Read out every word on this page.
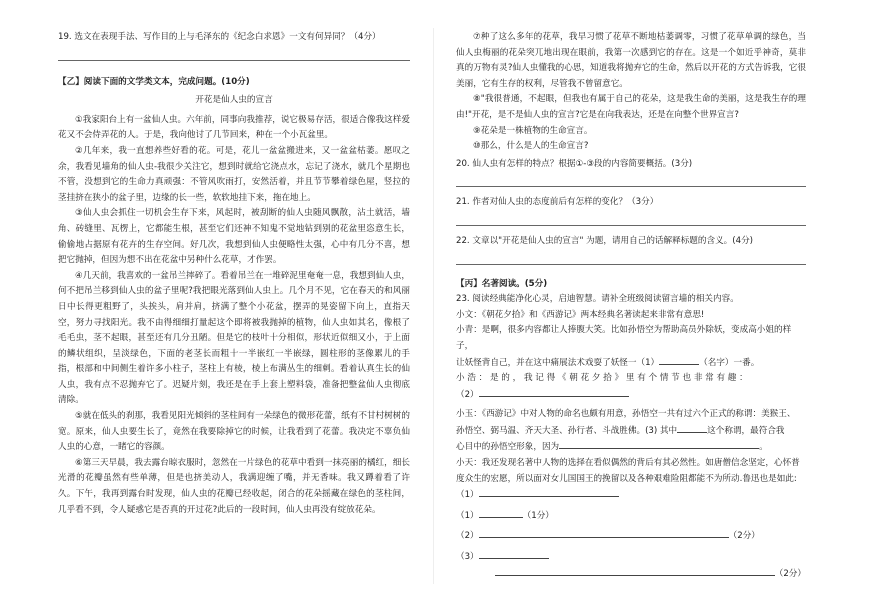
19. 选文在表现手法、写作目的上与毛泽东的《纪念白求恩》一文有何异同？（4分）

【乙】阅读下面的文学类文本，完成问题。(10分)

开花是仙人虫的宣言

①我家阳台上有一盆仙人虫。六年前，同事向我推荐，说它极易存活，很适合像我这样爱花又不会侍弄花的人。于是，我向他讨了几节回来，种在一个小瓦盆里。

②几年来，我一直想养些好看的花。可是，花儿一盆盆搬进来，又一盆盆枯萎。愿叹之余，我看见墙角的仙人虫-我很少关注它，想到时就给它浇点水，忘记了浇水，就几个星期也不管，没想到它的生命力真顽强：不管风吹雨打，安然活着，并且节节攀着绿色屋，竖拉的茎挂挤在狭小的盆子里，边缘的长一些，软软地挂下来，拖在地上。

③仙人虫会抓住一切机会生存下来，风起时，被刮断的仙人虫随风飘散，沾土就活，墙角、砖缝里、瓦楞上，它都能生根，甚至它们还神不知鬼不觉地钻到别的花盆里恣意生长，偷偷地占据原有花卉的生存空间。好几次，我想到仙人虫便略性太强，心中有几分不喜，想把它抛掉，但因为想不出在花盆中另种什么花草，才作罢。

④几天前，我喜欢的一盆吊兰摔碎了。看着吊兰在一堆碎泥里奄奄一息，我想到仙人虫，何不把吊兰移到仙人虫的盆子里呢?我把眼光落到仙人虫上。几个月不见，它在春天的和风丽日中长得更粗野了，头挨头，肩并肩，挤满了整个小花盆，摆弄的晃姿留下向上，直指天空，努力寻找阳光。我不由得细细打量起这个即将被我抛掉的植物，仙人虫如其名，像根了毛毛虫，茎不起眼，甚至还有几分丑陋。但是它的枝叶十分相似，形状近似细又小，于上面的鳞状组织，呈淡绿色，下面的老茎长而粗十一半嵌红一半嵌绿，圆柱形的茎像累儿的手指，根部和中间侧生着许多小柱子，茎柱上有棱，棱上布满丛生的细刺。看着认真生长的仙人虫，我有点不忍抛弃它了。迟疑片刻，我还是在手上套上塑料袋，准备把整盆仙人虫彻底清除。

⑤就在低头的刹那，我看见阳光倾斜的茎柱间有一朵绿色的微形花蕾，纸有不甘村树树的宽。原来，仙人虫要生长了，竟然在我要除掉它的时候，让我看到了花蕾。我决定不辜负仙人虫的心意，一睹它的容颜。

⑥第三天早晨，我去露台晾衣服时，忽然在一片绿色的花草中看到一抹亮丽的橘红，细长光滑的花瓣虽然有些单薄，但是也挤美动人，我满迎缠了嘴，并无香味。我又蹲着看了许久。下午，我再到露台时发现，仙人虫的花瓣已经收起，闭合的花朵摇藏在绿色的茎柱间，几乎看不到，令人疑惑它是否真的开过花?此后的一段时间，仙人虫再没有绽放花朵。

⑦种了这么多年的花草，我早习惯了花草不断地枯萎调零，习惯了花草单调的绿色，当仙人虫梅丽的花朵突兀地出现在眼前，我第一次感到它的存在。这是一个如近乎神奇，莫非真的万物有灵?仙人虫懂我的心思，知道我将抛弃它的生命，然后以开花的方式告诉我，它很美丽，它有生存的权利，尽管我不曾留意它。

⑧"我很普通，不起眼，但我也有属于自己的花朵，这是我生命的美丽，这是我生存的理由!"开花，是不是仙人虫的宣言?它是在向我表达，还是在向整个世界宣言?

⑨花朵是一株植物的生命宣言。

⑩那么，什么是人的生命宣言?

20. 仙人虫有怎样的特点？根据①-③段的内容简要概括。(3分)

21. 作者对仙人虫的态度前后有怎样的变化？（3分）

22. 文章以"开花是仙人虫的宣言" 为题，请用自己的话解释标题的含义。(4分)

【丙】名著阅读。(5分)

23. 阅读经典能净化心灵，启迪智慧。请补全班级阅读留言墙的相关内容。

小文：《朝花夕拾》和《西游记》两本经典名著读起来非常有意思!

小青：是啊，很多内容都让人捧腹大笑。比如孙悟空为帮助高员外除妖，变成高小姐的样子，

让妖怪背自己，并在这中痛展法术戏耍了妖怪一（1）	（名字）一番。

小 浩 ： 是 的 ， 我 记 得 《 朝 花 夕 拾 》 里 有 个 情 节 也 非 常 有 趣 ：

（2）

小玉：《西游记》中对人物的命名也颇有用意，孙悟空一共有过六个正式的称谓：美猴王、

孙悟空、弼马温、齐天大圣、孙行者、斗战胜佛。(3) 其中	这个称谓，最符合我

心目中的孙悟空形象，因为	。

小天：我还发现名著中人物的选择在看似偶然的背后有其必然性。如唐僧信念坚定，心怀普

度众生的宏愿，所以面对女儿国国王的挽留以及各种艰难险阻都能不为所动.鲁迅也是如此:

（1）

（1）	（1分）

（2）	（2分）

（3）

（2分）
